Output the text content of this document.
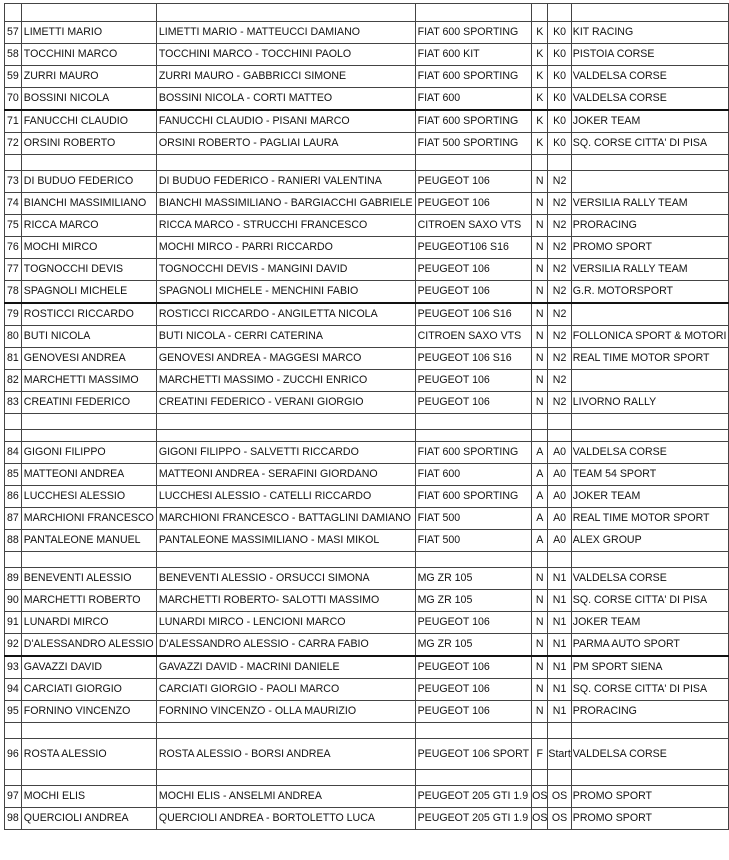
57	LIMETTI MARIO	LIMETTI MARIO - MATTEUCCI DAMIANO	FIAT 600 SPORTING	K	K0	KIT RACING
58	TOCCHINI MARCO	TOCCHINI MARCO - TOCCHINI PAOLO	FIAT 600 KIT	K	K0	PISTOIA CORSE
59	ZURRI MAURO	ZURRI MAURO - GABBRICCI SIMONE	FIAT 600 SPORTING	K	K0	VALDELSA CORSE
70	BOSSINI NICOLA	BOSSINI NICOLA - CORTI MATTEO	FIAT 600	K	K0	VALDELSA CORSE
71	FANUCCHI CLAUDIO	FANUCCHI CLAUDIO - PISANI MARCO	FIAT 600 SPORTING	K	K0	JOKER TEAM
72	ORSINI ROBERTO	ORSINI ROBERTO - PAGLIAI LAURA	FIAT 500 SPORTING	K	K0	SQ. CORSE CITTA' DI PISA

73	DI BUDUO FEDERICO	DI BUDUO FEDERICO - RANIERI VALENTINA	PEUGEOT 106	N	N2	
74	BIANCHI MASSIMILIANO	BIANCHI MASSIMILIANO - BARGIACCHI GABRIELE	PEUGEOT 106	N	N2	VERSILIA RALLY TEAM
75	RICCA MARCO	RICCA MARCO - STRUCCHI FRANCESCO	CITROEN SAXO VTS	N	N2	PRORACING
76	MOCHI MIRCO	MOCHI MIRCO - PARRI RICCARDO	PEUGEOT106 S16	N	N2	PROMO SPORT
77	TOGNOCCHI DEVIS	TOGNOCCHI DEVIS - MANGINI DAVID	PEUGEOT 106	N	N2	VERSILIA RALLY TEAM
78	SPAGNOLI MICHELE	SPAGNOLI MICHELE - MENCHINI FABIO	PEUGEOT 106	N	N2	G.R. MOTORSPORT
79	ROSTICCI RICCARDO	ROSTICCI RICCARDO - ANGILETTA NICOLA	PEUGEOT 106 S16	N	N2	
80	BUTI NICOLA	BUTI NICOLA - CERRI CATERINA	CITROEN SAXO VTS	N	N2	FOLLONICA SPORT & MOTORI
81	GENOVESI ANDREA	GENOVESI ANDREA - MAGGESI MARCO	PEUGEOT 106 S16	N	N2	REAL TIME MOTOR SPORT
82	MARCHETTI MASSIMO	MARCHETTI MASSIMO - ZUCCHI ENRICO	PEUGEOT 106	N	N2	
83	CREATINI FEDERICO	CREATINI FEDERICO - VERANI GIORGIO	PEUGEOT 106	N	N2	LIVORNO RALLY

84	GIGONI FILIPPO	GIGONI FILIPPO - SALVETTI RICCARDO	FIAT 600 SPORTING	A	A0	VALDELSA CORSE
85	MATTEONI ANDREA	MATTEONI ANDREA - SERAFINI GIORDANO	FIAT 600	A	A0	TEAM 54 SPORT
86	LUCCHESI ALESSIO	LUCCHESI ALESSIO - CATELLI RICCARDO	FIAT 600 SPORTING	A	A0	JOKER TEAM
87	MARCHIONI FRANCESCO	MARCHIONI FRANCESCO - BATTAGLINI DAMIANO	FIAT 500	A	A0	REAL TIME MOTOR SPORT
88	PANTALEONE MANUEL	PANTALEONE MASSIMILIANO - MASI MIKOL	FIAT 500	A	A0	ALEX GROUP

89	BENEVENTI ALESSIO	BENEVENTI ALESSIO - ORSUCCI SIMONA	MG ZR 105	N	N1	VALDELSA CORSE
90	MARCHETTI ROBERTO	MARCHETTI ROBERTO- SALOTTI MASSIMO	MG ZR 105	N	N1	SQ. CORSE CITTA' DI PISA
91	LUNARDI MIRCO	LUNARDI MIRCO - LENCIONI MARCO	PEUGEOT 106	N	N1	JOKER TEAM
92	D'ALESSANDRO ALESSIO	D'ALESSANDRO ALESSIO - CARRA FABIO	MG ZR 105	N	N1	PARMA AUTO SPORT
93	GAVAZZI DAVID	GAVAZZI DAVID - MACRINI DANIELE	PEUGEOT 106	N	N1	PM SPORT SIENA
94	CARCIATI GIORGIO	CARCIATI GIORGIO - PAOLI MARCO	PEUGEOT 106	N	N1	SQ. CORSE CITTA' DI PISA
95	FORNINO VINCENZO	FORNINO VINCENZO - OLLA MAURIZIO	PEUGEOT 106	N	N1	PRORACING

96	ROSTA ALESSIO	ROSTA ALESSIO - BORSI ANDREA	PEUGEOT 106 SPORT	F	Start	VALDELSA CORSE

97	MOCHI ELIS	MOCHI ELIS - ANSELMI ANDREA	PEUGEOT 205 GTI 1.9	OS	OS	PROMO SPORT
98	QUERCIOLI ANDREA	QUERCIOLI ANDREA - BORTOLETTO LUCA	PEUGEOT 205 GTI 1.9	OS	OS	PROMO SPORT
